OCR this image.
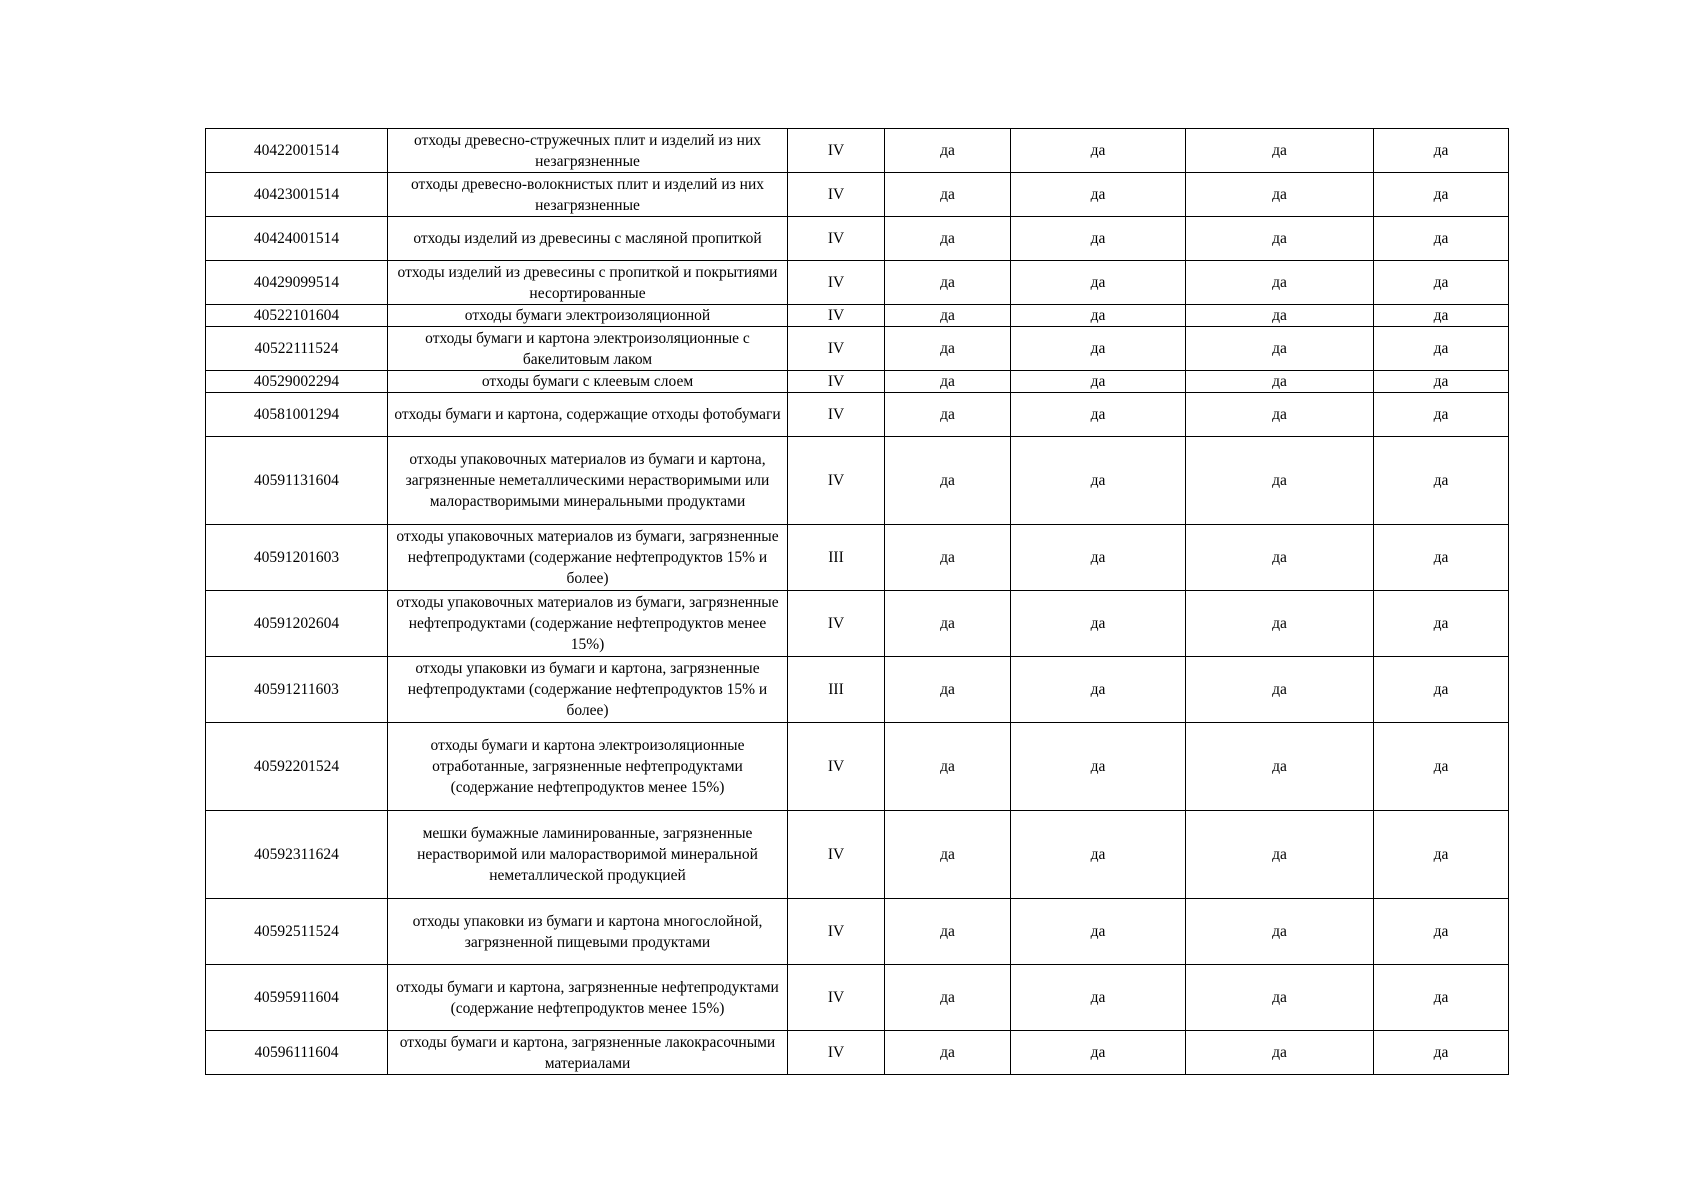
40422001514	отходы древесно-стружечных плит и изделий из них незагрязненные	IV	да	да	да	да
40423001514	отходы древесно-волокнистых плит и изделий из них незагрязненные	IV	да	да	да	да
40424001514	отходы изделий из древесины с масляной пропиткой	IV	да	да	да	да
40429099514	отходы изделий из древесины с пропиткой и покрытиями несортированные	IV	да	да	да	да
40522101604	отходы бумаги электроизоляционной	IV	да	да	да	да
40522111524	отходы бумаги и картона электроизоляционные с бакелитовым лаком	IV	да	да	да	да
40529002294	отходы бумаги с клеевым слоем	IV	да	да	да	да
40581001294	отходы бумаги и картона, содержащие отходы фотобумаги	IV	да	да	да	да
40591131604	отходы упаковочных материалов из бумаги и картона, загрязненные неметаллическими нерастворимыми или малорастворимыми минеральными продуктами	IV	да	да	да	да
40591201603	отходы упаковочных материалов из бумаги, загрязненные нефтепродуктами (содержание нефтепродуктов 15% и более)	III	да	да	да	да
40591202604	отходы упаковочных материалов из бумаги, загрязненные нефтепродуктами (содержание нефтепродуктов менее 15%)	IV	да	да	да	да
40591211603	отходы упаковки из бумаги и картона, загрязненные нефтепродуктами (содержание нефтепродуктов 15% и более)	III	да	да	да	да
40592201524	отходы бумаги и картона электроизоляционные отработанные, загрязненные нефтепродуктами (содержание нефтепродуктов менее 15%)	IV	да	да	да	да
40592311624	мешки бумажные ламинированные, загрязненные нерастворимой или малорастворимой минеральной неметаллической продукцией	IV	да	да	да	да
40592511524	отходы упаковки из бумаги и картона многослойной, загрязненной пищевыми продуктами	IV	да	да	да	да
40595911604	отходы бумаги и картона, загрязненные нефтепродуктами (содержание нефтепродуктов менее 15%)	IV	да	да	да	да
40596111604	отходы бумаги и картона, загрязненные лакокрасочными материалами	IV	да	да	да	да
